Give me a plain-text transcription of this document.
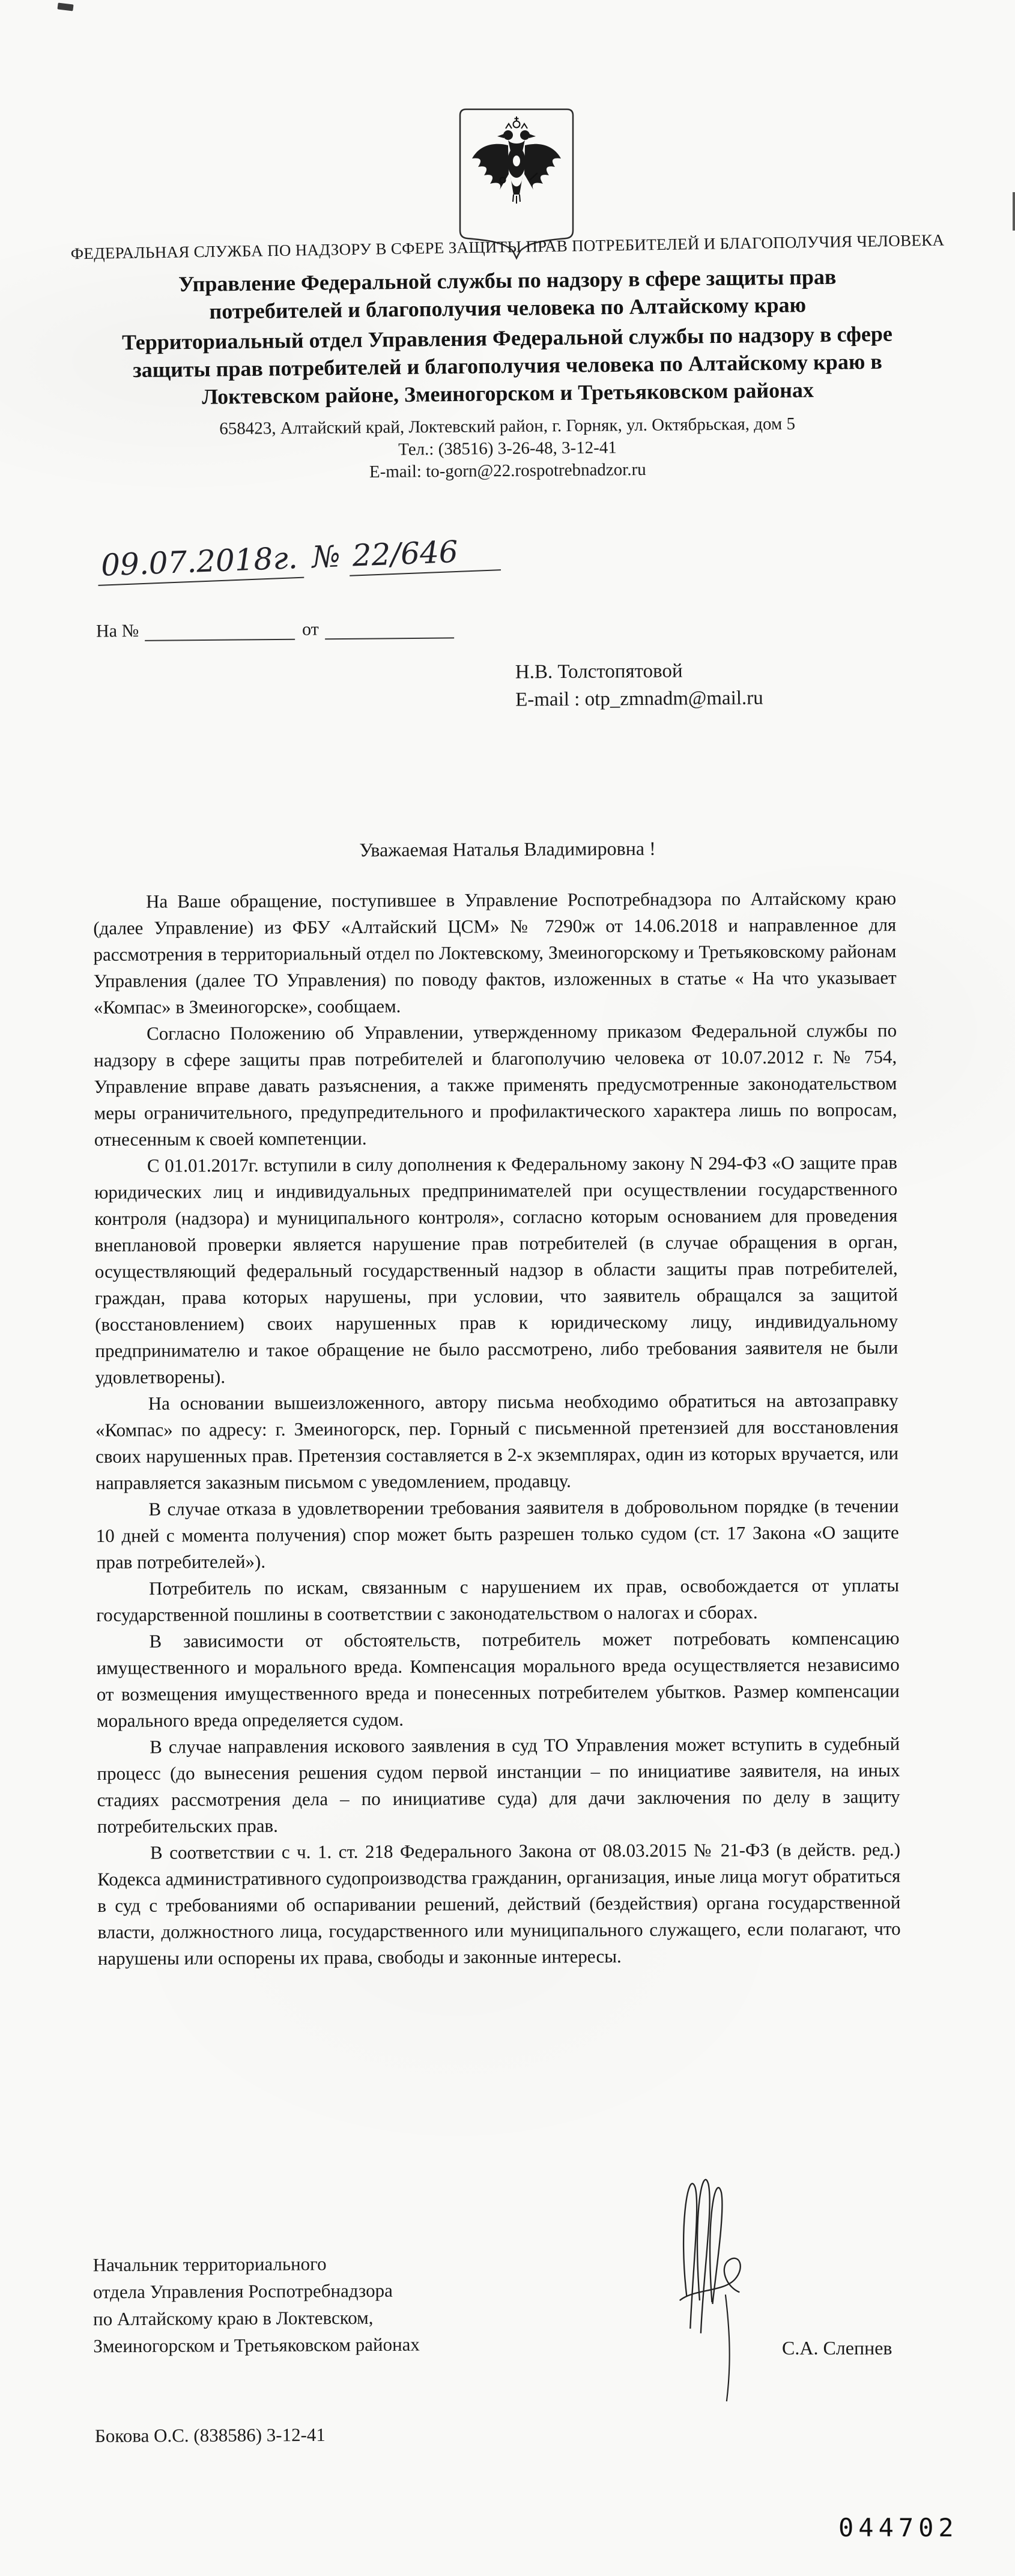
ФЕДЕРАЛЬНАЯ СЛУЖБА ПО НАДЗОРУ В СФЕРЕ ЗАЩИТЫ ПРАВ ПОТРЕБИТЕЛЕЙ И БЛАГОПОЛУЧИЯ ЧЕЛОВЕКА
Управление Федеральной службы по надзору в сфере защиты прав потребителей и благополучия человека по Алтайскому краю
Территориальный отдел Управления Федеральной службы по надзору в сфере защиты прав потребителей и благополучия человека по Алтайскому краю в Локтевском районе, Змеиногорском и Третьяковском районах
658423, Алтайский край, Локтевский район, г. Горняк, ул. Октябрьская, дом 5
Тел.: (38516) 3-26-48, 3-12-41
E-mail: to-gorn@22.rospotrebnadzor.ru
09.07.2018г. № 22/646
На №	от
Н.В. Толстопятовой
E-mail : otp_zmnadm@mail.ru
Уважаемая Наталья Владимировна !

На Ваше обращение, поступившее в Управление Роспотребнадзора по Алтайскому краю (далее Управление) из ФБУ «Алтайский ЦСМ» № 7290ж от 14.06.2018 и направленное для рассмотрения в территориальный отдел по Локтевскому, Змеиногорскому и Третьяковскому районам Управления (далее ТО Управления) по поводу фактов, изложенных в статье « На что указывает «Компас» в Змеиногорске», сообщаем.

Согласно Положению об Управлении, утвержденному приказом Федеральной службы по надзору в сфере защиты прав потребителей и благополучию человека от 10.07.2012 г. № 754, Управление вправе давать разъяснения, а также применять предусмотренные законодательством меры ограничительного, предупредительного и профилактического характера лишь по вопросам, отнесенным к своей компетенции.

С 01.01.2017г. вступили в силу дополнения к Федеральному закону N 294-ФЗ «О защите прав юридических лиц и индивидуальных предпринимателей при осуществлении государственного контроля (надзора) и муниципального контроля», согласно которым основанием для проведения внеплановой проверки является нарушение прав потребителей (в случае обращения в орган, осуществляющий федеральный государственный надзор в области защиты прав потребителей, граждан, права которых нарушены, при условии, что заявитель обращался за защитой (восстановлением) своих нарушенных прав к юридическому лицу, индивидуальному предпринимателю и такое обращение не было рассмотрено, либо требования заявителя не были удовлетворены).

На основании вышеизложенного, автору письма необходимо обратиться на автозаправку «Компас» по адресу: г. Змеиногорск, пер. Горный с письменной претензией для восстановления своих нарушенных прав. Претензия составляется в 2-х экземплярах, один из которых вручается, или направляется заказным письмом с уведомлением, продавцу.

В случае отказа в удовлетворении требования заявителя в добровольном порядке (в течении 10 дней с момента получения) спор может быть разрешен только судом (ст. 17 Закона «О защите прав потребителей»).

Потребитель по искам, связанным с нарушением их прав, освобождается от уплаты государственной пошлины в соответствии с законодательством о налогах и сборах.

В зависимости от обстоятельств, потребитель может потребовать компенсацию имущественного и морального вреда. Компенсация морального вреда осуществляется независимо от возмещения имущественного вреда и понесенных потребителем убытков. Размер компенсации морального вреда определяется судом.

В случае направления искового заявления в суд ТО Управления может вступить в судебный процесс (до вынесения решения судом первой инстанции – по инициативе заявителя, на иных стадиях рассмотрения дела – по инициативе суда) для дачи заключения по делу в защиту потребительских прав.

В соответствии с ч. 1. ст. 218 Федерального Закона от 08.03.2015 № 21-ФЗ (в действ. ред.) Кодекса административного судопроизводства гражданин, организация, иные лица могут обратиться в суд с требованиями об оспаривании решений, действий (бездействия) органа государственной власти, должностного лица, государственного или муниципального служащего, если полагают, что нарушены или оспорены их права, свободы и законные интересы.

Начальник территориального
отдела Управления Роспотребнадзора
по Алтайскому краю в Локтевском,
Змеиногорском и Третьяковском районах	С.А. Слепнев
Бокова О.С. (838586) 3-12-41
044702
